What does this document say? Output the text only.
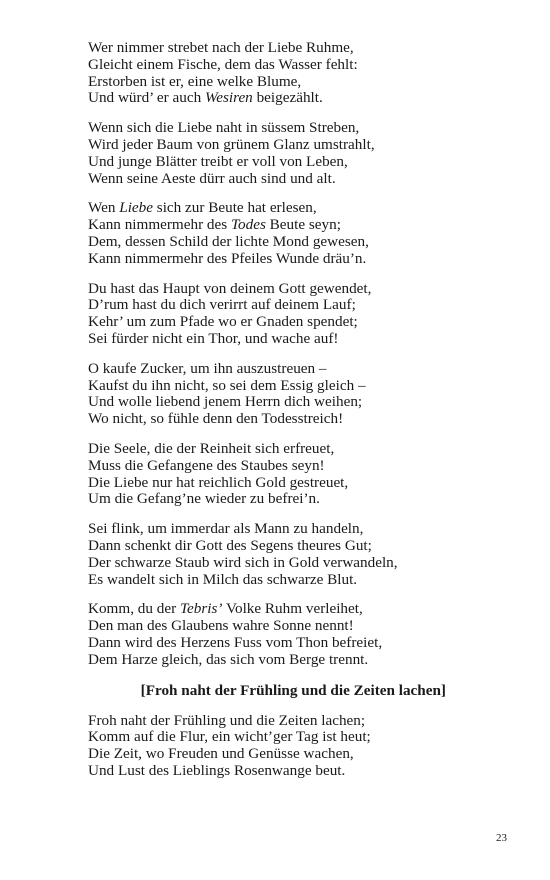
Wer nimmer strebet nach der Liebe Ruhme,
Gleicht einem Fische, dem das Wasser fehlt:
Erstorben ist er, eine welke Blume,
Und würd’ er auch Wesiren beigezählt.
Wenn sich die Liebe naht in süssem Streben,
Wird jeder Baum von grünem Glanz umstrahlt,
Und junge Blätter treibt er voll von Leben,
Wenn seine Aeste dürr auch sind und alt.
Wen Liebe sich zur Beute hat erlesen,
Kann nimmermehr des Todes Beute seyn;
Dem, dessen Schild der lichte Mond gewesen,
Kann nimmermehr des Pfeiles Wunde dräu’n.
Du hast das Haupt von deinem Gott gewendet,
D’rum hast du dich verirrt auf deinem Lauf;
Kehr’ um zum Pfade wo er Gnaden spendet;
Sei fürder nicht ein Thor, und wache auf!
O kaufe Zucker, um ihn auszustreuen –
Kaufst du ihn nicht, so sei dem Essig gleich –
Und wolle liebend jenem Herrn dich weihen;
Wo nicht, so fühle denn den Todesstreich!
Die Seele, die der Reinheit sich erfreuet,
Muss die Gefangene des Staubes seyn!
Die Liebe nur hat reichlich Gold gestreuet,
Um die Gefang’ne wieder zu befrei’n.
Sei flink, um immerdar als Mann zu handeln,
Dann schenkt dir Gott des Segens theures Gut;
Der schwarze Staub wird sich in Gold verwandeln,
Es wandelt sich in Milch das schwarze Blut.
Komm, du der Tebris’ Volke Ruhm verleihet,
Den man des Glaubens wahre Sonne nennt!
Dann wird des Herzens Fuss vom Thon befreiet,
Dem Harze gleich, das sich vom Berge trennt.
[Froh naht der Frühling und die Zeiten lachen]
Froh naht der Frühling und die Zeiten lachen;
Komm auf die Flur, ein wicht’ger Tag ist heut;
Die Zeit, wo Freuden und Genüsse wachen,
Und Lust des Lieblings Rosenwange beut.
23
